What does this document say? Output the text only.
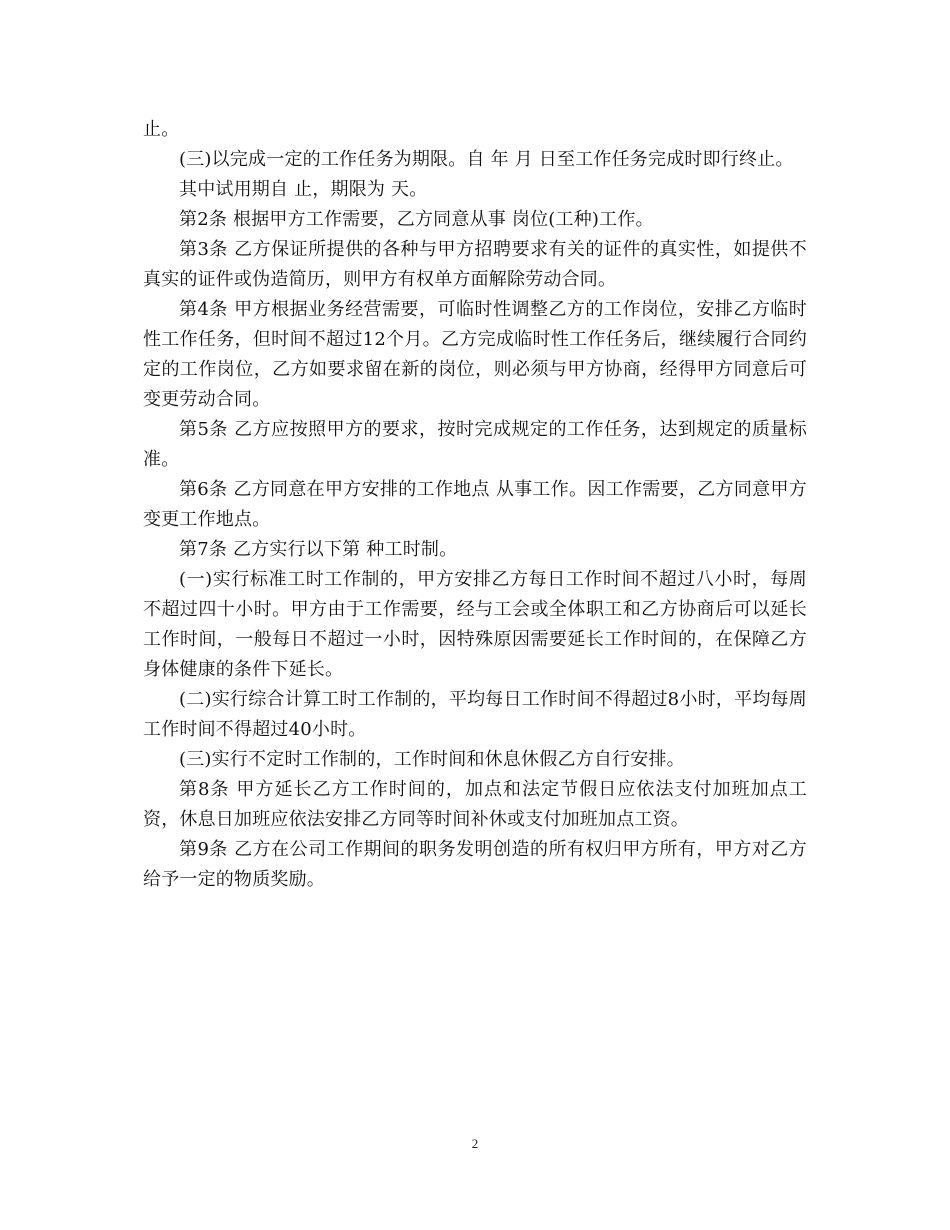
止。

(三)以完成一定的工作任务为期限。自 年 月 日至工作任务完成时即行终止。

其中试用期自 止，期限为 天。

第2条 根据甲方工作需要，乙方同意从事 岗位(工种)工作。

第3条 乙方保证所提供的各种与甲方招聘要求有关的证件的真实性，如提供不真实的证件或伪造简历，则甲方有权单方面解除劳动合同。

第4条 甲方根据业务经营需要，可临时性调整乙方的工作岗位，安排乙方临时性工作任务，但时间不超过12个月。乙方完成临时性工作任务后，继续履行合同约定的工作岗位，乙方如要求留在新的岗位，则必须与甲方协商，经得甲方同意后可变更劳动合同。

第5条 乙方应按照甲方的要求，按时完成规定的工作任务，达到规定的质量标准。

第6条 乙方同意在甲方安排的工作地点 从事工作。因工作需要，乙方同意甲方变更工作地点。

第7条 乙方实行以下第 种工时制。

(一)实行标准工时工作制的，甲方安排乙方每日工作时间不超过八小时，每周不超过四十小时。甲方由于工作需要，经与工会或全体职工和乙方协商后可以延长工作时间，一般每日不超过一小时，因特殊原因需要延长工作时间的，在保障乙方身体健康的条件下延长。

(二)实行综合计算工时工作制的，平均每日工作时间不得超过8小时，平均每周工作时间不得超过40小时。

(三)实行不定时工作制的，工作时间和休息休假乙方自行安排。

第8条 甲方延长乙方工作时间的，加点和法定节假日应依法支付加班加点工资，休息日加班应依法安排乙方同等时间补休或支付加班加点工资。

第9条 乙方在公司工作期间的职务发明创造的所有权归甲方所有，甲方对乙方给予一定的物质奖励。

2
